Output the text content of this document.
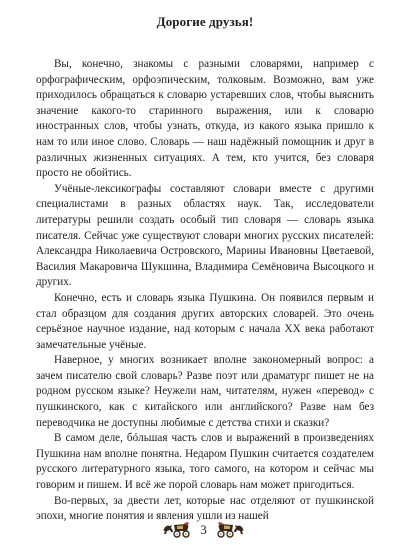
Дорогие друзья!

Вы, конечно, знакомы с разными словарями, например с орфографическим, орфоэпическим, толковым. Возможно, вам уже приходилось обращаться к словарю устаревших слов, чтобы выяснить значение какого-то старинного выражения, или к словарю иностранных слов, чтобы узнать, откуда, из какого языка пришло к нам то или иное слово. Словарь — наш надёжный помощник и друг в различных жизненных ситуациях. А тем, кто учится, без словаря просто не обойтись.

Учёные-лексикографы составляют словари вместе с другими специалистами в разных областях наук. Так, исследователи литературы решили создать особый тип словаря — словарь языка писателя. Сейчас уже существуют словари многих русских писателей: Александра Николаевича Островского, Марины Ивановны Цветаевой, Василия Макаровича Шукшина, Владимира Семёновича Высоцкого и других.

Конечно, есть и словарь языка Пушкина. Он появился первым и стал образцом для создания других авторских словарей. Это очень серьёзное научное издание, над которым с начала XX века работают замечательные учёные.

Наверное, у многих возникает вполне закономерный вопрос: а зачем писателю свой словарь? Разве поэт или драматург пишет не на родном русском языке? Неужели нам, читателям, нужен «перевод» с пушкинского, как с китайского или английского? Разве нам без переводчика не доступны любимые с детства стихи и сказки?

В самом деле, бóльшая часть слов и выражений в произведениях Пушкина нам вполне понятна. Недаром Пушкин считается создателем русского литературного языка, того самого, на котором и сейчас мы говорим и пишем. И всё же порой словарь нам может пригодиться.

Во-первых, за двести лет, которые нас отделяют от пушкинской эпохи, многие понятия и явления ушли из нашей

3
